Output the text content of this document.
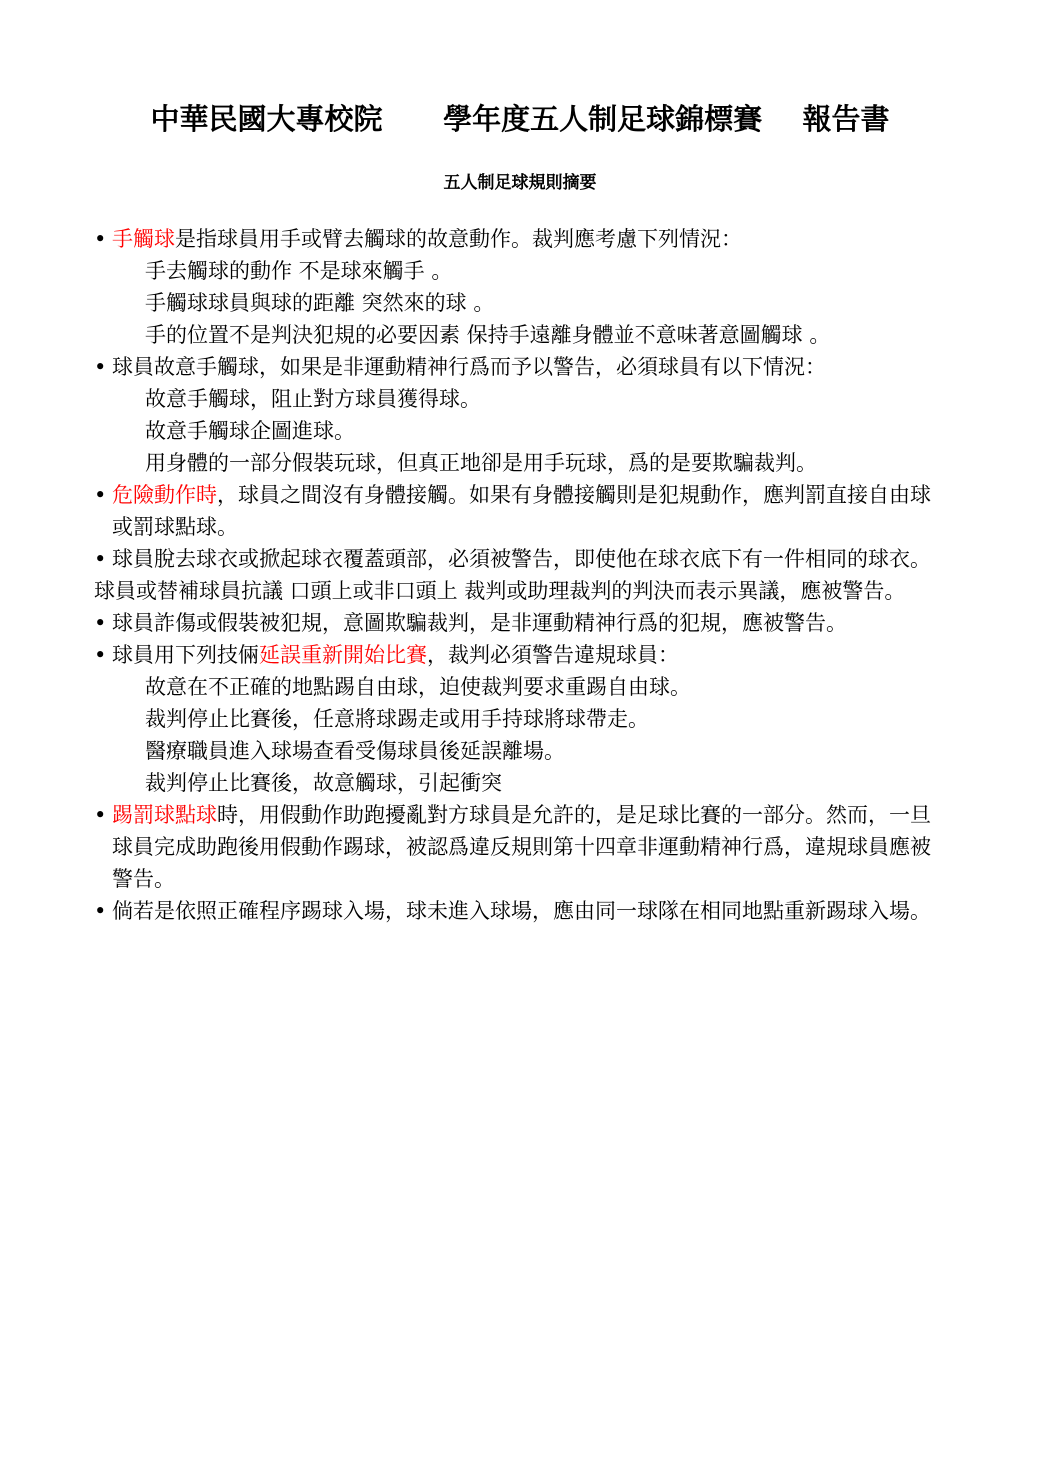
中華民國大專校院      學年度五人制足球錦標賽    報告書
五人制足球規則摘要
• 手觸球是指球員用手或臂去觸球的故意動作。裁判應考慮下列情況：
手去觸球的動作 不是球來觸手 。
手觸球球員與球的距離 突然來的球 。
手的位置不是判決犯規的必要因素 保持手遠離身體並不意味著意圖觸球 。
• 球員故意手觸球，如果是非運動精神行爲而予以警告，必須球員有以下情況：
故意手觸球，阻止對方球員獲得球。
故意手觸球企圖進球。
用身體的一部分假裝玩球，但真正地卻是用手玩球，爲的是要欺騙裁判。
• 危險動作時，球員之間沒有身體接觸。如果有身體接觸則是犯規動作，應判罰直接自由球或罰球點球。
• 球員脫去球衣或掀起球衣覆蓋頭部，必須被警告，即使他在球衣底下有一件相同的球衣。
球員或替補球員抗議 口頭上或非口頭上 裁判或助理裁判的判決而表示異議，應被警告。
• 球員詐傷或假裝被犯規，意圖欺騙裁判，是非運動精神行爲的犯規，應被警告。
• 球員用下列技倆延誤重新開始比賽，裁判必須警告違規球員：
故意在不正確的地點踢自由球，迫使裁判要求重踢自由球。
裁判停止比賽後，任意將球踢走或用手持球將球帶走。
醫療職員進入球場查看受傷球員後延誤離場。
裁判停止比賽後，故意觸球，引起衝突
• 踢罰球點球時，用假動作助跑擾亂對方球員是允許的，是足球比賽的一部分。然而，一旦球員完成助跑後用假動作踢球，被認爲違反規則第十四章非運動精神行爲，違規球員應被警告。
• 倘若是依照正確程序踢球入場，球未進入球場，應由同一球隊在相同地點重新踢球入場。
